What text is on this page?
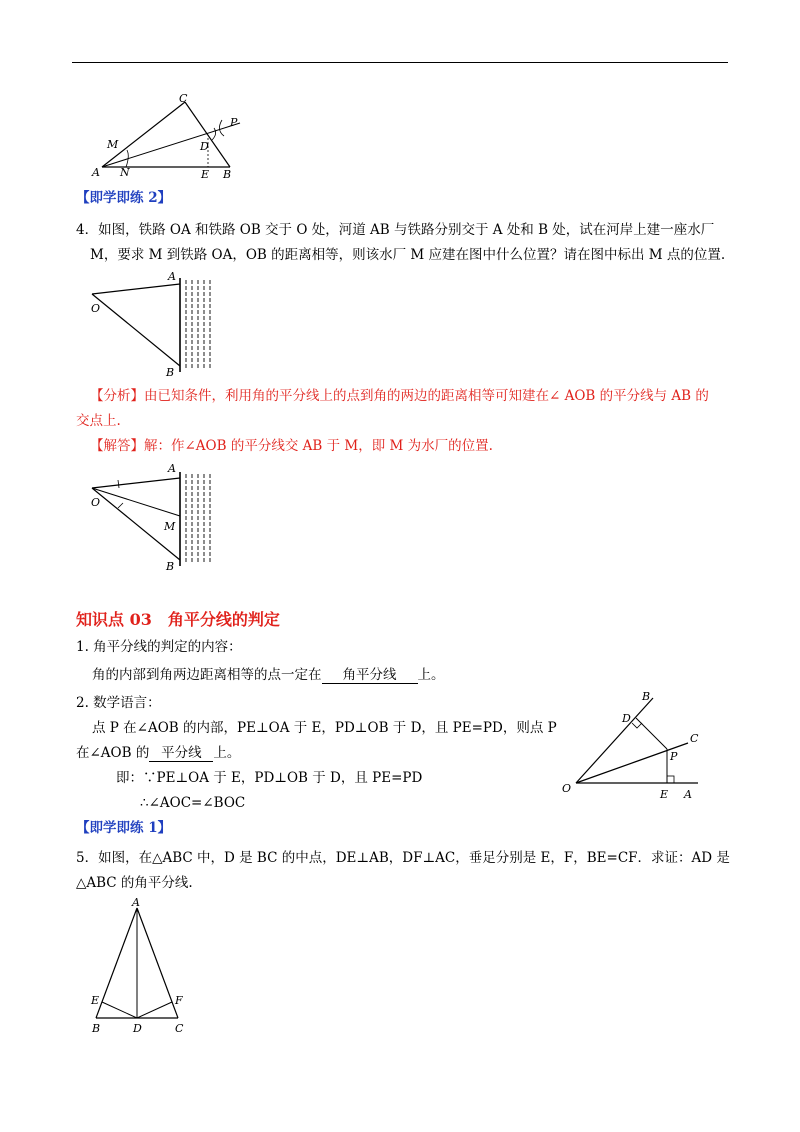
C
M
P
D
A N	E B
【即学即练 2】
4．如图，铁路 OA 和铁路 OB 交于 O 处，河道 AB 与铁路分别交于 A 处和 B 处，试在河岸上建一座水厂
M，要求 M 到铁路 OA，OB 的距离相等，则该水厂 M 应建在图中什么位置？请在图中标出 M 点的位置.
A
O
B
【分析】由已知条件，利用角的平分线上的点到角的两边的距离相等可知建在∠ AOB 的平分线与 AB 的
交点上.
【解答】解：作∠AOB 的平分线交 AB 于 M，即 M 为水厂的位置.
A
O
M
B
知识点 03　角平分线的判定
1. 角平分线的判定的内容：
角的内部到角两边距离相等的点一定在 角平分线 上。
2. 数学语言：
点 P 在∠AOB 的内部，PE⊥OA 于 E，PD⊥OB 于 D，且 PE=PD，则点 P
在∠AOB 的 平分线 上。
即：∵PE⊥OA 于 E，PD⊥OB 于 D，且 PE=PD
∴∠AOC=∠BOC
B
D
C
P
O	E A
【即学即练 1】
5．如图，在△ABC 中，D 是 BC 的中点，DE⊥AB，DF⊥AC，垂足分别是 E，F，BE=CF．求证：AD 是
△ABC 的角平分线.
A
E	F
B	D	C
